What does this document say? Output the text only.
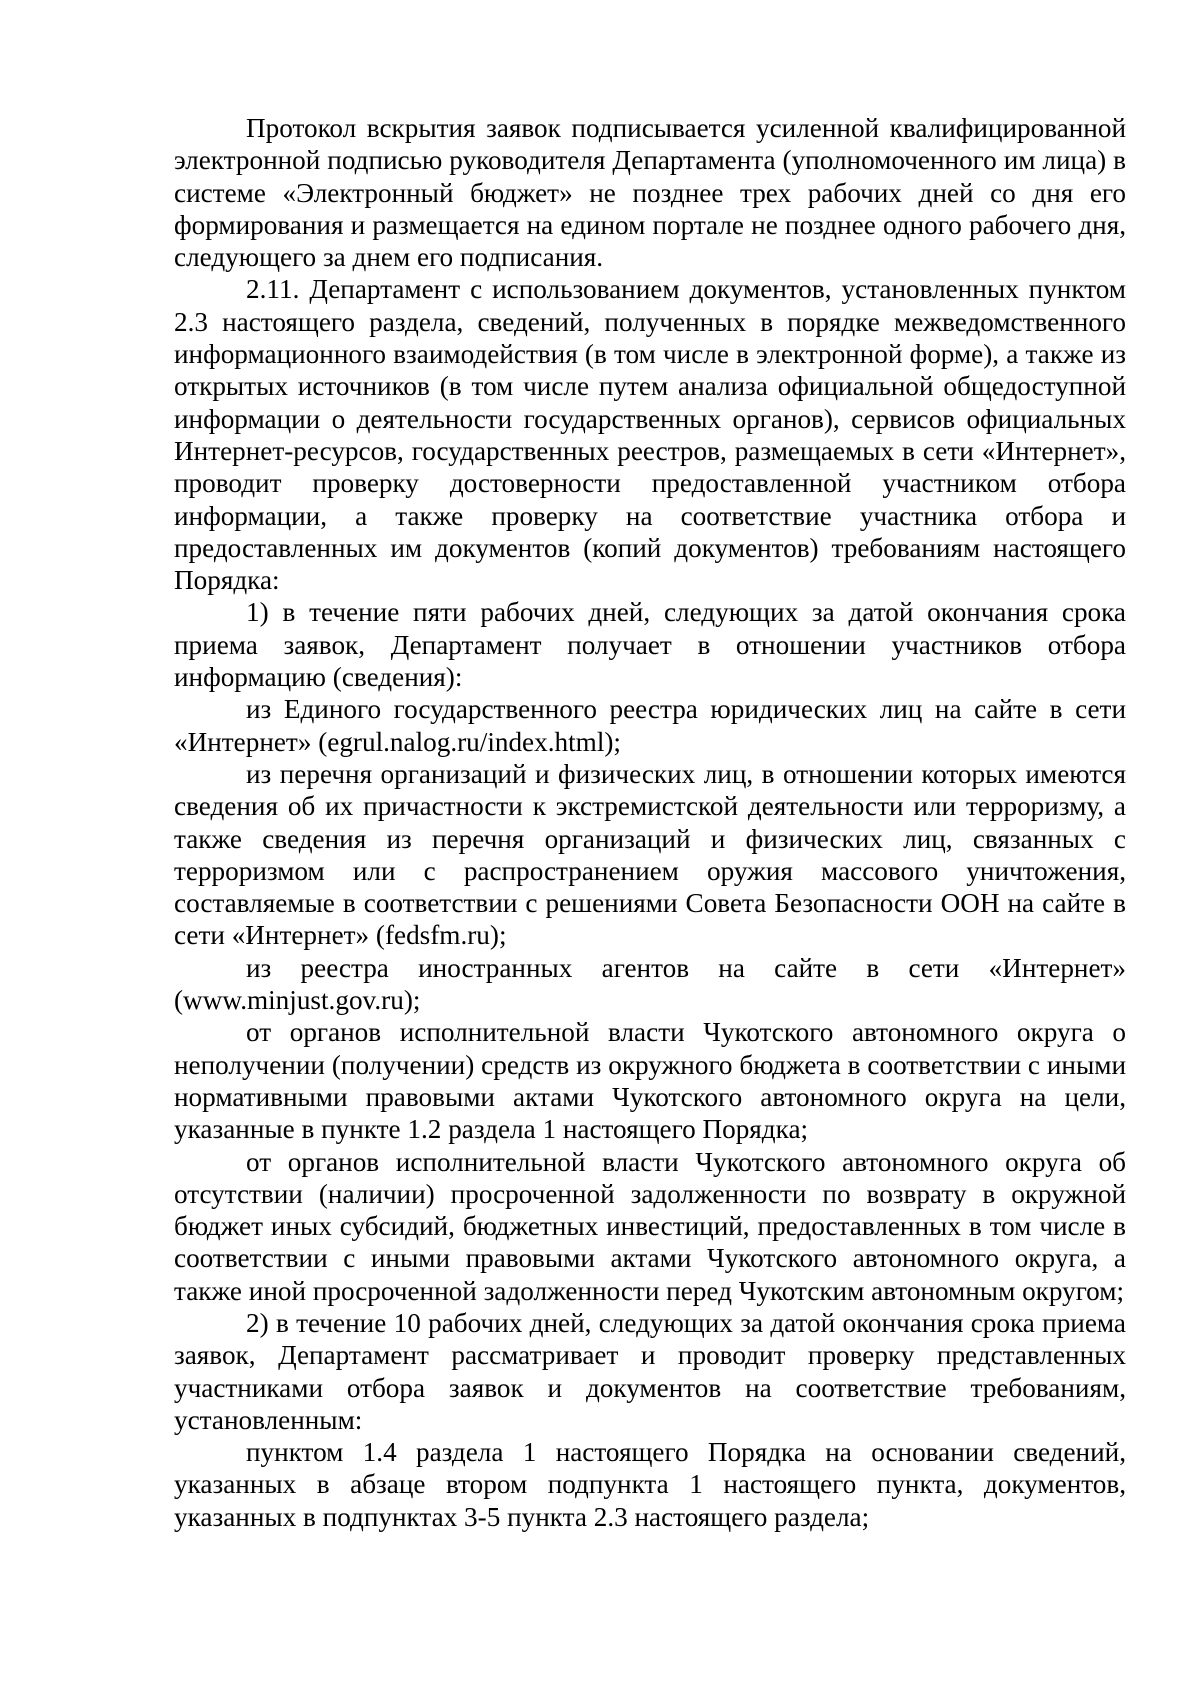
Протокол вскрытия заявок подписывается усиленной квалифицированной электронной подписью руководителя Департамента (уполномоченного им лица) в системе «Электронный бюджет» не позднее трех рабочих дней со дня его формирования и размещается на едином портале не позднее одного рабочего дня, следующего за днем его подписания.

2.11. Департамент с использованием документов, установленных пунктом 2.3 настоящего раздела, сведений, полученных в порядке межведомственного информационного взаимодействия (в том числе в электронной форме), а также из открытых источников (в том числе путем анализа официальной общедоступной информации о деятельности государственных органов), сервисов официальных Интернет-ресурсов, государственных реестров, размещаемых в сети «Интернет», проводит проверку достоверности предоставленной участником отбора информации, а также проверку на соответствие участника отбора и предоставленных им документов (копий документов) требованиям настоящего Порядка:

1) в течение пяти рабочих дней, следующих за датой окончания срока приема заявок, Департамент получает в отношении участников отбора информацию (сведения):

из Единого государственного реестра юридических лиц на сайте в сети «Интернет» (egrul.nalog.ru/index.html);

из перечня организаций и физических лиц, в отношении которых имеются сведения об их причастности к экстремистской деятельности или терроризму, а также сведения из перечня организаций и физических лиц, связанных с терроризмом или с распространением оружия массового уничтожения, составляемые в соответствии с решениями Совета Безопасности ООН на сайте в сети «Интернет» (fedsfm.ru);

из реестра иностранных агентов на сайте в сети «Интернет» (www.minjust.gov.ru);

от органов исполнительной власти Чукотского автономного округа о неполучении (получении) средств из окружного бюджета в соответствии с иными нормативными правовыми актами Чукотского автономного округа на цели, указанные в пункте 1.2 раздела 1 настоящего Порядка;

от органов исполнительной власти Чукотского автономного округа об отсутствии (наличии) просроченной задолженности по возврату в окружной бюджет иных субсидий, бюджетных инвестиций, предоставленных в том числе в соответствии с иными правовыми актами Чукотского автономного округа, а также иной просроченной задолженности перед Чукотским автономным округом;

2) в течение 10 рабочих дней, следующих за датой окончания срока приема заявок, Департамент рассматривает и проводит проверку представленных участниками отбора заявок и документов на соответствие требованиям, установленным:

пунктом 1.4 раздела 1 настоящего Порядка на основании сведений, указанных в абзаце втором подпункта 1 настоящего пункта, документов, указанных в подпунктах 3-5 пункта 2.3 настоящего раздела;
